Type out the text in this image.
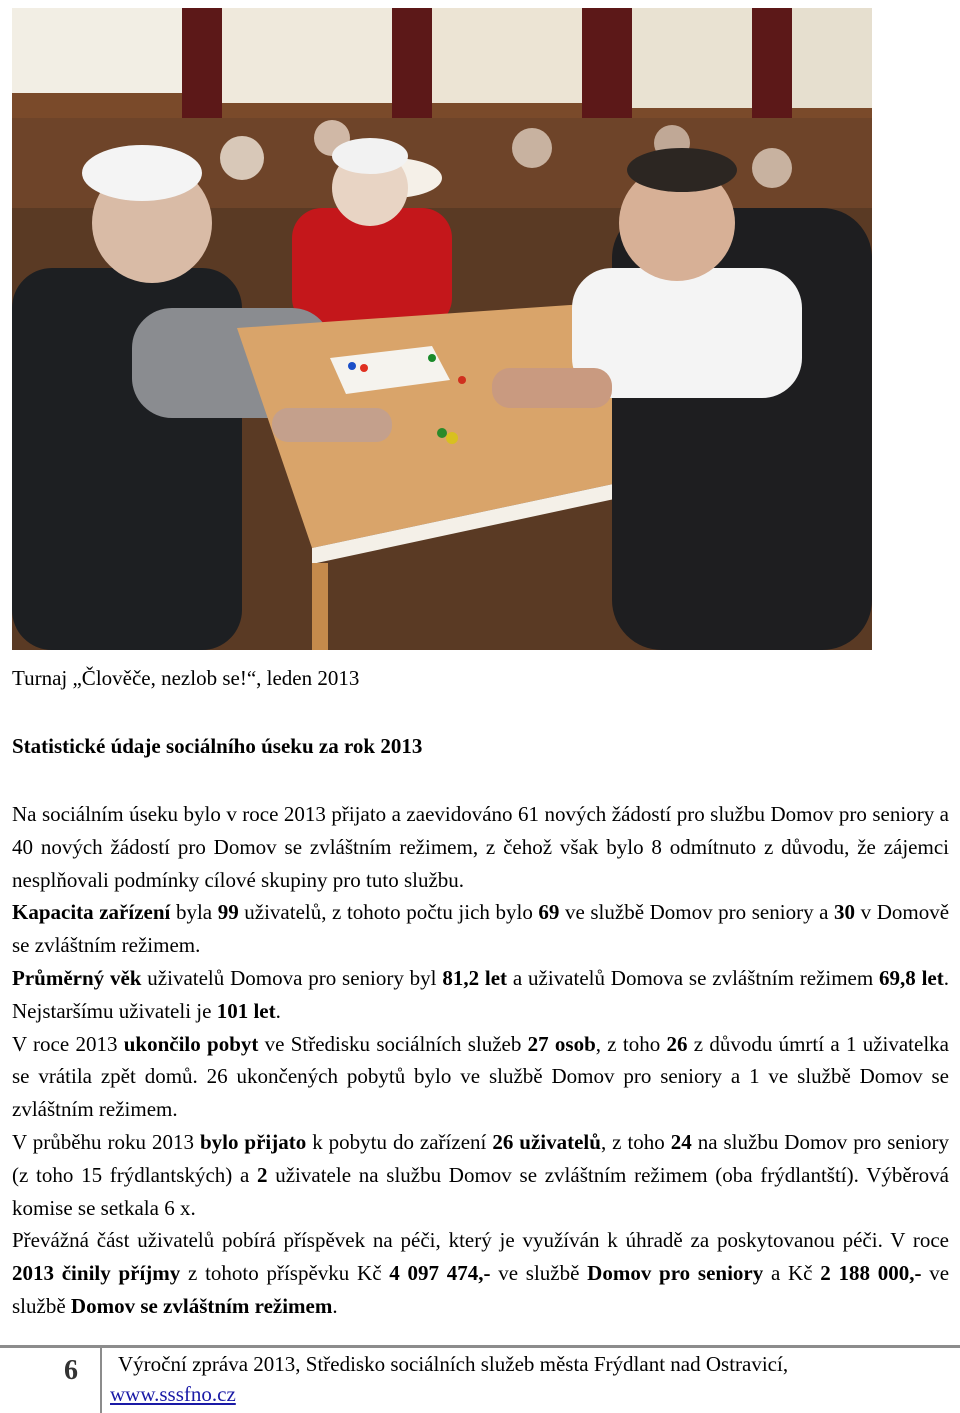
Turnaj „Člověče, nezlob se!“, leden 2013
Statistické údaje sociálního úseku za rok 2013

Na sociálním úseku bylo v roce 2013 přijato a zaevidováno 61 nových žádostí pro službu Domov pro seniory a 40 nových žádostí pro Domov se zvláštním režimem, z čehož však bylo 8 odmítnuto z důvodu, že zájemci nesplňovali podmínky cílové skupiny pro tuto službu.

Kapacita zařízení byla 99 uživatelů, z tohoto počtu jich bylo 69 ve službě Domov pro seniory a 30 v Domově se zvláštním režimem.

Průměrný věk uživatelů Domova pro seniory byl 81,2 let a uživatelů Domova se zvláštním režimem 69,8 let. Nejstaršímu uživateli je 101 let.

V roce 2013 ukončilo pobyt ve Středisku sociálních služeb 27 osob, z toho 26 z důvodu úmrtí a 1 uživatelka se vrátila zpět domů. 26 ukončených pobytů bylo ve službě Domov pro seniory a 1 ve službě Domov se zvláštním režimem.

V průběhu roku 2013 bylo přijato k pobytu do zařízení 26 uživatelů, z toho 24 na službu Domov pro seniory (z toho 15 frýdlantských) a 2 uživatele na službu Domov se zvláštním režimem (oba frýdlantští). Výběrová komise se setkala 6 x.

Převážná část uživatelů pobírá příspěvek na péči, který je využíván k úhradě za poskytovanou péči. V roce 2013 činily příjmy z tohoto příspěvku Kč 4 097 474,- ve službě Domov pro seniory a Kč 2 188 000,- ve službě Domov se zvláštním režimem.

6 Výroční zpráva 2013, Středisko sociálních služeb města Frýdlant nad Ostravicí,
www.sssfno.cz
